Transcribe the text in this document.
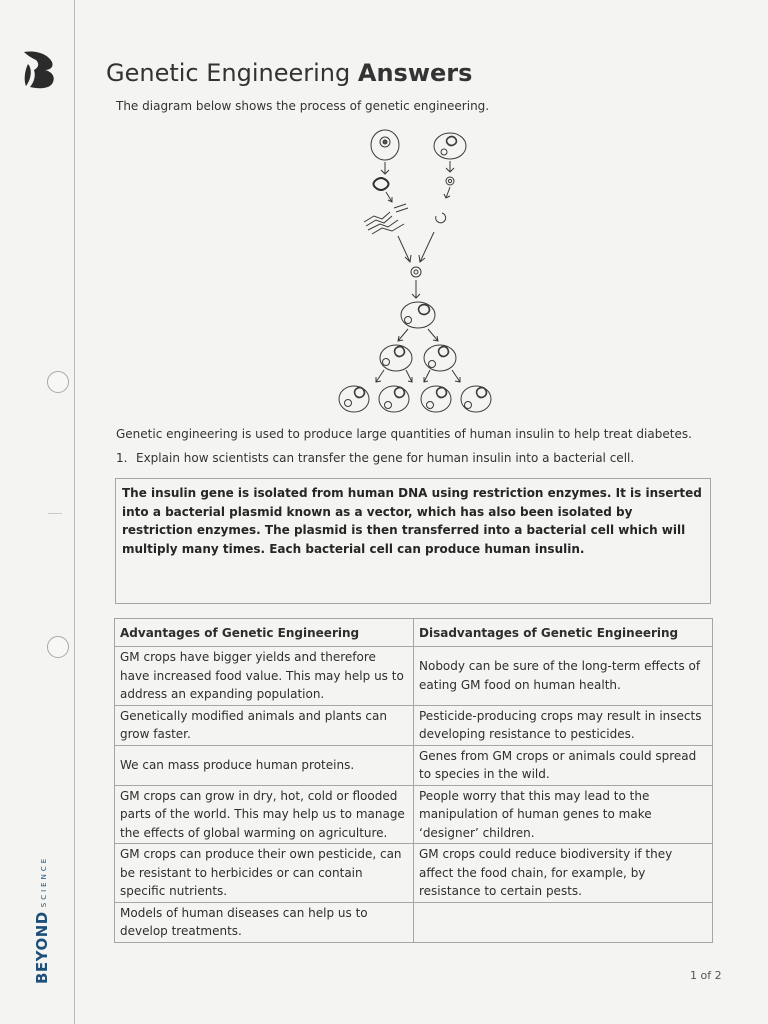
BEYONDSCIENCE
Genetic Engineering Answers
The diagram below shows the process of genetic engineering.
Genetic engineering is used to produce large quantities of human insulin to help treat diabetes.
1. Explain how scientists can transfer the gene for human insulin into a bacterial cell.
The insulin gene is isolated from human DNA using restriction enzymes. It is inserted into a bacterial plasmid known as a vector, which has also been isolated by restriction enzymes. The plasmid is then transferred into a bacterial cell which will multiply many times. Each bacterial cell can produce human insulin.
Advantages of Genetic Engineering	Disadvantages of Genetic Engineering
GM crops have bigger yields and therefore have increased food value. This may help us to address an expanding population.	Nobody can be sure of the long-term effects of eating GM food on human health.
Genetically modified animals and plants can grow faster.	Pesticide-producing crops may result in insects developing resistance to pesticides.
We can mass produce human proteins.	Genes from GM crops or animals could spread to species in the wild.
GM crops can grow in dry, hot, cold or flooded parts of the world. This may help us to manage the effects of global warming on agriculture.	People worry that this may lead to the manipulation of human genes to make ‘designer’ children.
GM crops can produce their own pesticide, can be resistant to herbicides or can contain specific nutrients.	GM crops could reduce biodiversity if they affect the food chain, for example, by resistance to certain pests.
Models of human diseases can help us to develop treatments.	
1 of 2
